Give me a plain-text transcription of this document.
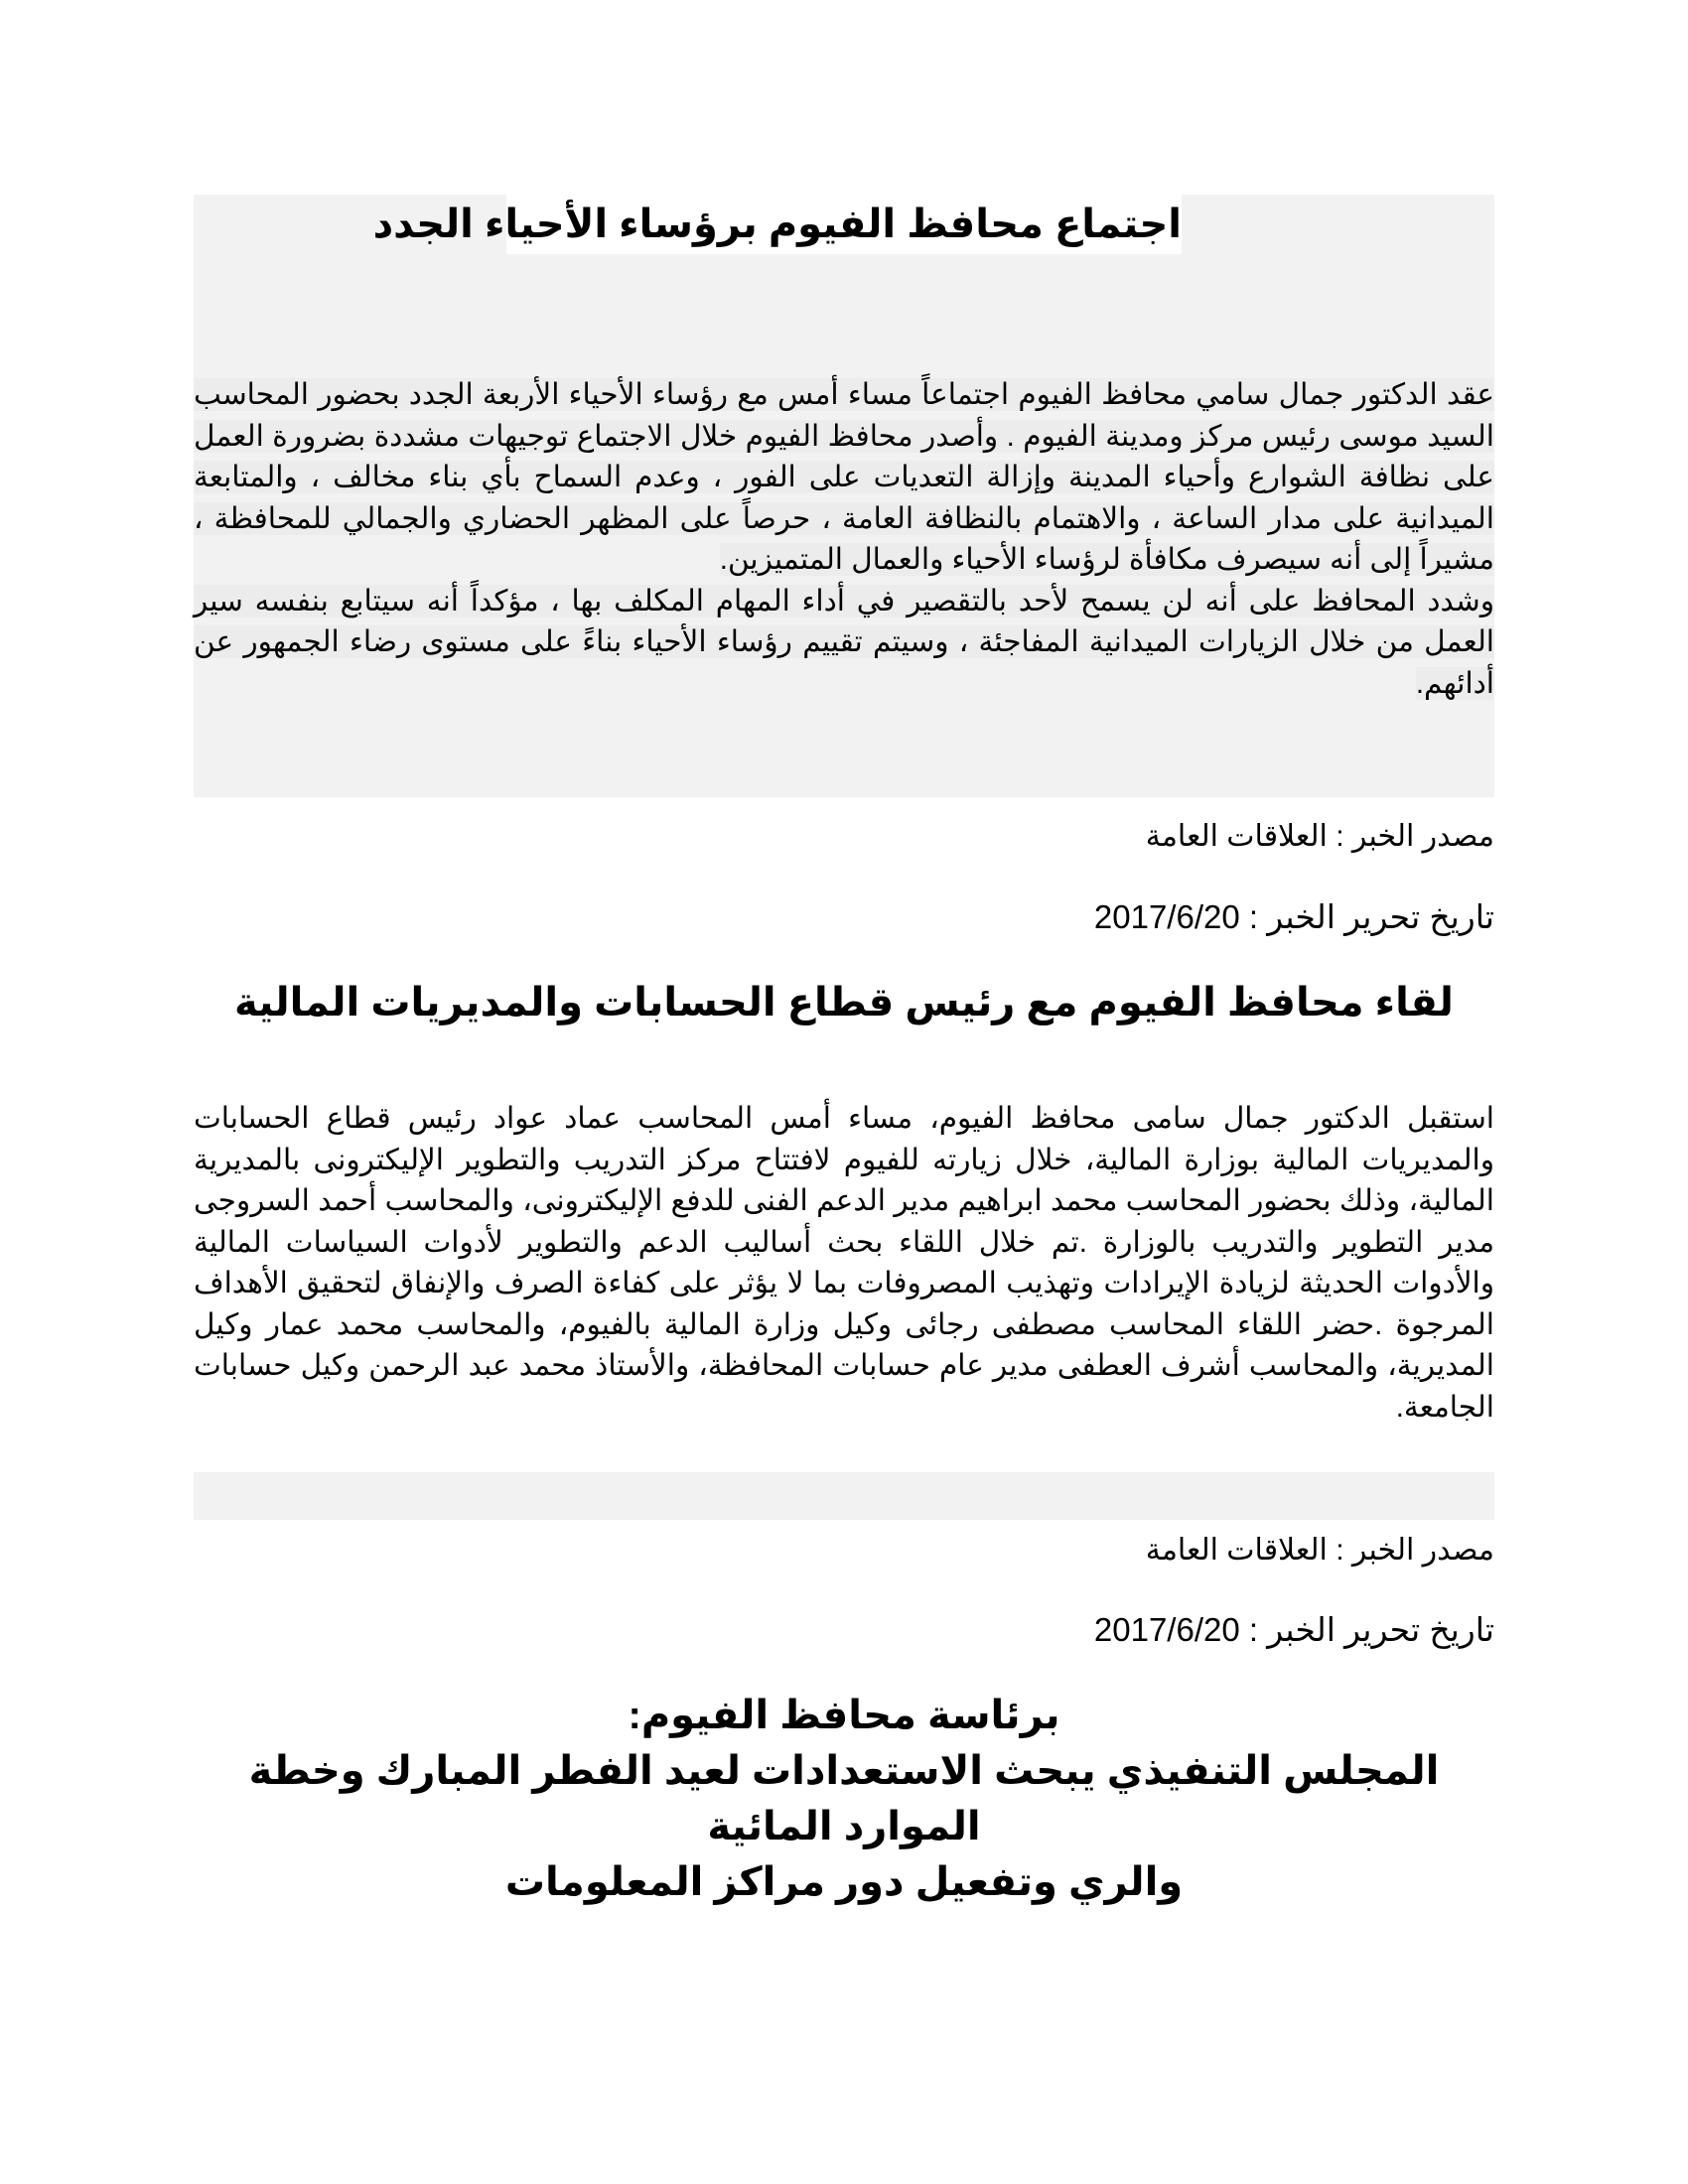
اجتماع محافظ الفيوم برؤساء الأحياء الجدد
عقد الدكتور جمال سامي محافظ الفيوم اجتماعاً مساء أمس مع رؤساء الأحياء الأربعة الجدد بحضور المحاسب السيد موسى رئيس مركز ومدينة الفيوم . وأصدر محافظ الفيوم خلال الاجتماع توجيهات مشددة بضرورة العمل على نظافة الشوارع وأحياء المدينة وإزالة التعديات على الفور ، وعدم السماح بأي بناء مخالف ، والمتابعة الميدانية على مدار الساعة ، والاهتمام بالنظافة العامة ، حرصاً على المظهر الحضاري والجمالي للمحافظة ، مشيراً إلى أنه سيصرف مكافأة لرؤساء الأحياء والعمال المتميزين.
وشدد المحافظ على أنه لن يسمح لأحد بالتقصير في أداء المهام المكلف بها ، مؤكداً أنه سيتابع بنفسه سير العمل من خلال الزيارات الميدانية المفاجئة ، وسيتم تقييم رؤساء الأحياء بناءً على مستوى رضاء الجمهور عن أدائهم.
مصدر الخبر : العلاقات العامة
تاريخ تحرير الخبر : 2017/6/20
لقاء محافظ الفيوم مع رئيس قطاع الحسابات والمديريات المالية
استقبل الدكتور جمال سامى محافظ الفيوم، مساء أمس المحاسب عماد عواد رئيس قطاع الحسابات والمديريات المالية بوزارة المالية، خلال زيارته للفيوم لافتتاح مركز التدريب والتطوير الإليكترونى بالمديرية المالية، وذلك بحضور المحاسب محمد ابراهيم مدير الدعم الفنى للدفع الإليكترونى، والمحاسب أحمد السروجى مدير التطوير والتدريب بالوزارة .تم خلال اللقاء بحث أساليب الدعم والتطوير لأدوات السياسات المالية والأدوات الحديثة لزيادة الإيرادات وتهذيب المصروفات بما لا يؤثر على كفاءة الصرف والإنفاق لتحقيق الأهداف المرجوة .حضر اللقاء المحاسب مصطفى رجائى وكيل وزارة المالية بالفيوم، والمحاسب محمد عمار وكيل المديرية، والمحاسب أشرف العطفى مدير عام حسابات المحافظة، والأستاذ محمد عبد الرحمن وكيل حسابات الجامعة.
مصدر الخبر : العلاقات العامة
تاريخ تحرير الخبر : 2017/6/20
برئاسة محافظ الفيوم:
المجلس التنفيذي يبحث الاستعدادات لعيد الفطر المبارك وخطة الموارد المائية
والري وتفعيل دور مراكز المعلومات
